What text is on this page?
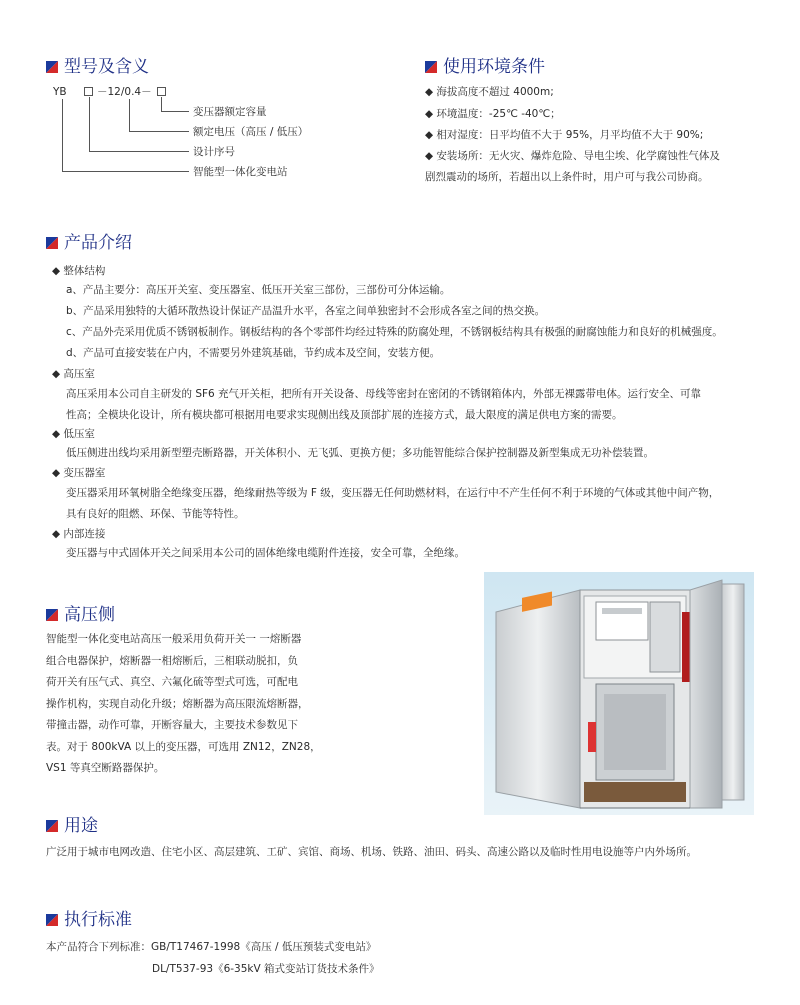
型号及含义
YB	－12/0.4－
变压器额定容量
额定电压（高压 / 低压）
设计序号
智能型一体化变电站
使用环境条件
◆ 海拔高度不超过 4000m;
◆ 环境温度：-25℃ -40℃；
◆ 相对湿度：日平均值不大于 95%，月平均值不大于 90%;
◆ 安装场所：无火灾、爆炸危险、导电尘埃、化学腐蚀性气体及
剧烈震动的场所，若超出以上条件时，用户可与我公司协商。
产品介绍
◆ 整体结构
a、产品主要分：高压开关室、变压器室、低压开关室三部份，三部份可分体运输。
b、产品采用独特的大循环散热设计保证产品温升水平，各室之间单独密封不会形成各室之间的热交换。
c、产品外壳采用优质不锈钢板制作。钢板结构的各个零部件均经过特殊的防腐处理，不锈钢板结构具有极强的耐腐蚀能力和良好的机械强度。
d、产品可直接安装在户内，不需要另外建筑基础，节约成本及空间，安装方便。
◆ 高压室
高压采用本公司自主研发的 SF6 充气开关柜，把所有开关设备、母线等密封在密闭的不锈钢箱体内，外部无裸露带电体。运行安全、可靠
性高；全模块化设计，所有模块都可根据用电要求实现侧出线及顶部扩展的连接方式，最大限度的满足供电方案的需要。
◆ 低压室
低压侧进出线均采用新型塑壳断路器，开关体积小、无飞弧、更换方便；多功能智能综合保护控制器及新型集成无功补偿装置。
◆ 变压器室
变压器采用环氧树脂全绝缘变压器，绝缘耐热等级为 F 级，变压器无任何助燃材料，在运行中不产生任何不利于环境的气体或其他中间产物，
具有良好的阻燃、环保、节能等特性。
◆ 内部连接
变压器与中式固体开关之间采用本公司的固体绝缘电缆附件连接，安全可靠，全绝缘。
高压侧
智能型一体化变电站高压一般采用负荷开关一 一熔断器
组合电器保护，熔断器一相熔断后，三相联动脱扣，负
荷开关有压气式、真空、六氟化硫等型式可选，可配电
操作机构，实现自动化升级；熔断器为高压限流熔断器，
带撞击器，动作可靠，开断容量大，主要技术参数见下
表。对于 800kVA 以上的变压器，可选用 ZN12，ZN28，
VS1 等真空断路器保护。
用途
广泛用于城市电网改造、住宅小区、高层建筑、工矿、宾馆、商场、机场、铁路、油田、码头、高速公路以及临时性用电设施等户内外场所。
执行标准
本产品符合下列标准：GB/T17467-1998《高压 / 低压预装式变电站》
DL/T537-93《6-35kV 箱式变站订货技术条件》
